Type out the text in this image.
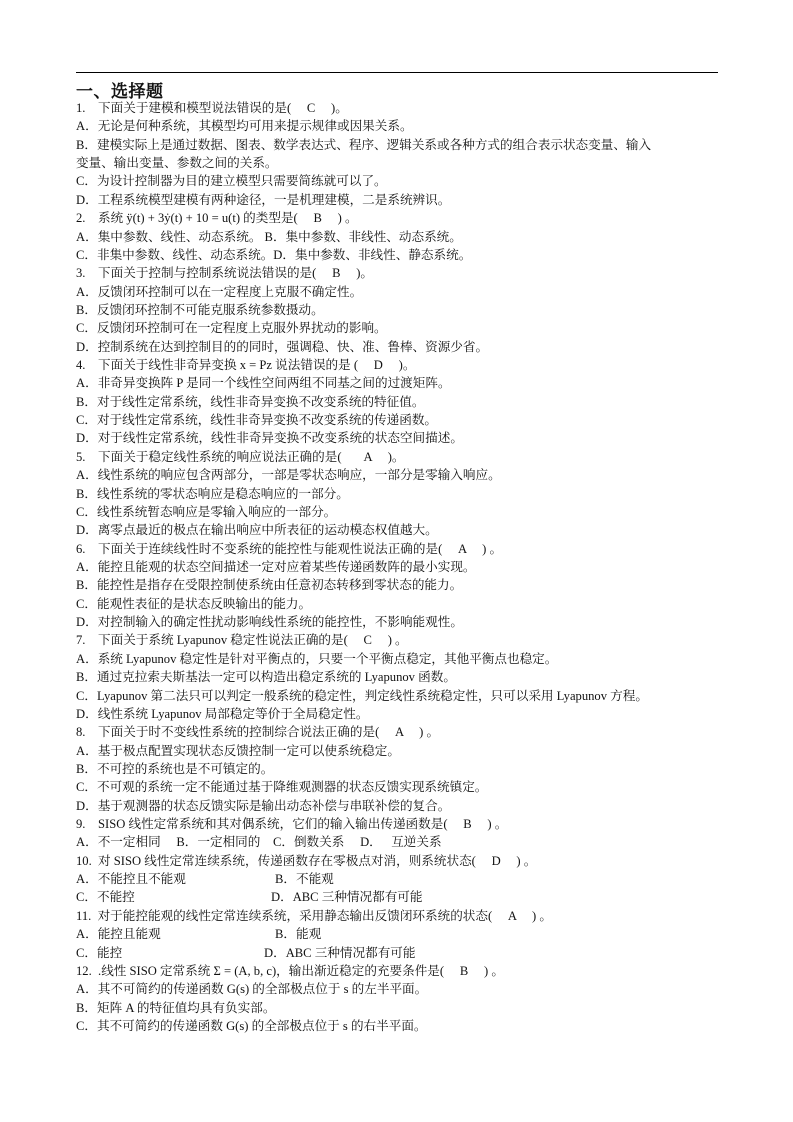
一、选择题
1.    下面关于建模和模型说法错误的是(     C     )。
A．无论是何种系统，其模型均可用来提示规律或因果关系。
B．建模实际上是通过数据、图表、数学表达式、程序、逻辑关系或各种方式的组合表示状态变量、输入
变量、输出变量、参数之间的关系。
C．为设计控制器为目的建立模型只需要简练就可以了。
D．工程系统模型建模有两种途径，一是机理建模，二是系统辨识。
2.    系统 ÿ(t) + 3ẏ(t) + 10 = u(t) 的类型是(     B     ) 。
A．集中参数、线性、动态系统。 B．集中参数、非线性、动态系统。
C．非集中参数、线性、动态系统。D．集中参数、非线性、静态系统。
3.    下面关于控制与控制系统说法错误的是(     B     )。
A．反馈闭环控制可以在一定程度上克服不确定性。
B．反馈闭环控制不可能克服系统参数摄动。
C．反馈闭环控制可在一定程度上克服外界扰动的影响。
D．控制系统在达到控制目的的同时，强调稳、快、准、鲁棒、资源少省。
4.    下面关于线性非奇异变换 x = Pz 说法错误的是 (     D     )。
A．非奇异变换阵 P 是同一个线性空间两组不同基之间的过渡矩阵。
B．对于线性定常系统，线性非奇异变换不改变系统的特征值。
C．对于线性定常系统，线性非奇异变换不改变系统的传递函数。
D．对于线性定常系统，线性非奇异变换不改变系统的状态空间描述。
5.    下面关于稳定线性系统的响应说法正确的是(       A     )。
A．线性系统的响应包含两部分，一部是零状态响应，一部分是零输入响应。
B．线性系统的零状态响应是稳态响应的一部分。
C．线性系统暂态响应是零输入响应的一部分。
D．离零点最近的极点在输出响应中所表征的运动模态权值越大。
6.    下面关于连续线性时不变系统的能控性与能观性说法正确的是(     A     ) 。
A．能控且能观的状态空间描述一定对应着某些传递函数阵的最小实现。
B．能控性是指存在受限控制使系统由任意初态转移到零状态的能力。
C．能观性表征的是状态反映输出的能力。
D．对控制输入的确定性扰动影响线性系统的能控性，不影响能观性。
7.    下面关于系统 Lyapunov 稳定性说法正确的是(     C     ) 。
A．系统 Lyapunov 稳定性是针对平衡点的，只要一个平衡点稳定，其他平衡点也稳定。
B．通过克拉索夫斯基法一定可以构造出稳定系统的 Lyapunov 函数。
C．Lyapunov 第二法只可以判定一般系统的稳定性，判定线性系统稳定性，只可以采用 Lyapunov 方程。
D．线性系统 Lyapunov 局部稳定等价于全局稳定性。
8.    下面关于时不变线性系统的控制综合说法正确的是(     A     ) 。
A．基于极点配置实现状态反馈控制一定可以使系统稳定。
B．不可控的系统也是不可镇定的。
C．不可观的系统一定不能通过基于降维观测器的状态反馈实现系统镇定。
D．基于观测器的状态反馈实际是输出动态补偿与串联补偿的复合。
9.    SISO 线性定常系统和其对偶系统，它们的输入输出传递函数是(     B     ) 。
A．不一定相同     B．一定相同的    C．倒数关系     D．   互逆关系
10.  对 SISO 线性定常连续系统，传递函数存在零极点对消，则系统状态(     D     ) 。
A．不能控且不能观	B．不能观
C．不能控	D．ABC 三种情况都有可能
11.  对于能控能观的线性定常连续系统，采用静态输出反馈闭环系统的状态(     A     ) 。
A．能控且能观	B．能观
C．能控	D．ABC 三种情况都有可能
12.  .线性 SISO 定常系统 Σ = (A, b, c)，输出渐近稳定的充要条件是(     B     ) 。
A．其不可简约的传递函数 G(s) 的全部极点位于 s 的左半平面。
B．矩阵 A 的特征值均具有负实部。
C．其不可简约的传递函数 G(s) 的全部极点位于 s 的右半平面。
